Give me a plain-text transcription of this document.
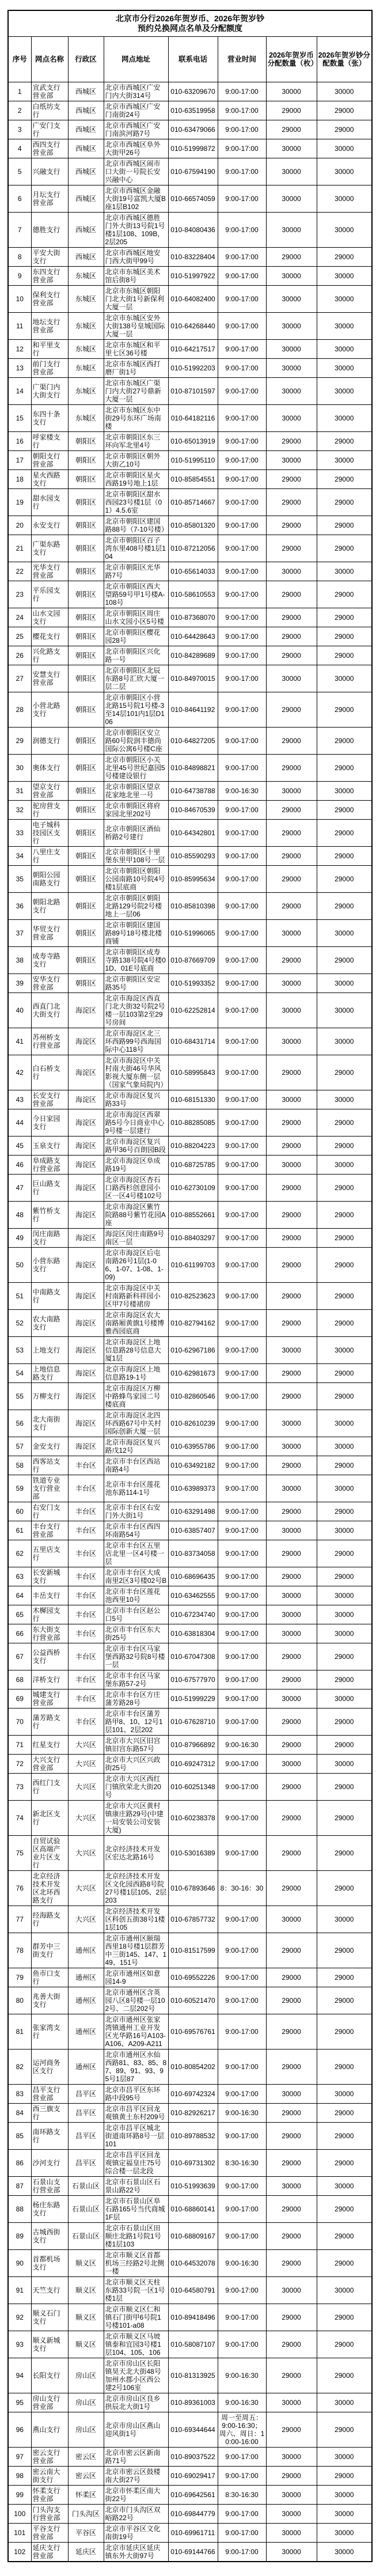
北京市分行2026年贺岁币、2026年贺岁钞
预约兑换网点名单及分配额度							

序号	网点名称	行政区	网点地址	联系电话	营业时间	2026年贺岁币分配数量（枚）	2026年贺岁钞分配数量（张）
1	宣武支行营业部	西城区	北京市西城区广安门内大街314号	010-63209670	9:00-17:00	30000	30000
2	白纸坊支行	西城区	北京市西城区广安门南街24号	010-63519958	9:00-17:00	29000	29000
3	广安门支行	西城区	北京市西城区广安门南滨河路7号	010-63479066	9:00-17:00	29000	29000
4	西四支行营业部	西城区	北京市西城区阜外大街甲26号	010-51999872	9:00-17:00	30000	30000
5	兴融支行	西城区	北京市西城区闹市口大街一号院长安兴融中心	010-67594190	9:00-17:00	30000	30000
6	月坛支行营业部	西城区	北京市西城区金融大街19号富凯大厦B座1层B102	010-66574059	9:00-17:00	30000	30000
7	德胜支行	西城区	北京市西城区德胜门外大街13号院1号楼1层108、109B，2层205	010-84080436	9:00-17:00	30000	30000
8	平安大街支行	西城区	北京市西城区地安门西大街甲99号	010-83228404	9:00-17:00	29000	29000
9	东四支行营业部	东城区	北京市东城区美术馆后街8号	010-51997922	9:00-17:00	30000	30000
10	保利支行营业部	东城区	北京市东城区朝阳门北大街1号新保利大厦一层	010-64082400	9:00-17:00	30000	30000
11	地坛支行营业部	东城区	北京市东城区安外大街138号皇城国际大厦一层	010-64268440	9:00-17:00	30000	30000
12	和平里支行	东城区	北京市东城区和平里七区36号楼	010-64217517	9:00-17:00	30000	30000
13	前门支行营业部	东城区	北京市东城区西打磨厂街1号	010-51992203	9:00-17:00	30000	30000
14	广渠门内大街支行	东城区	北京市东城区广渠门内大街27号鼎新大厦一层	010-87101597	9:00-17:00	30000	30000
15	东四十条支行	东城区	北京市东城区东中街29号东环广场南楼	010-64182116	9:00-17:00	30000	30000
16	呼家楼支行	朝阳区	北京市朝阳区东三环向军北里4号	010-65013919	9:00-17:00	29000	29000
17	朝阳支行营业部	朝阳区	北京市朝阳区朝外大街乙10号	010-51995110	9:00-17:00	30000	30000
18	星火西路支行	朝阳区	北京市朝阳区星火西路19号地上1层	010-85854551	9:00-17:00	29000	29000
19	甜水园支行	朝阳区	北京市朝阳区甜水西园23号楼1层（01）4.5.6室	010-85714667	9:00-17:00	29000	29000
20	永安支行	朝阳区	北京市朝阳区建国路88号（7-10号楼）	010-85801320	9:00-17:00	29000	29000
21	广渠东路支行	朝阳区	北京市朝阳区百子湾东里408号楼1层104	010-87212056	9:00-17:00	29000	29000
22	光华支行营业部	朝阳区	北京市朝阳区光华路7号	010-65614033	9:00-17:00	30000	30000
23	平乐园支行	朝阳区	北京市朝阳区西大望路59号甲1号楼A-108号	010-58610553	9:00-17:00	29000	29000
24	山水文园支行	朝阳区	北京市朝阳区周庄山水文园小区5号楼	010-87368070	9:00-17:00	29000	29000
25	樱花支行	朝阳区	北京市朝阳区樱花园28号	010-64428643	9:00-17:00	29000	29000
26	兴化路支行	朝阳区	北京市朝阳区兴化路一号	010-84289689	9:00-17:00	29000	29000
27	安慧支行营业部	朝阳区	北京市朝阳区北辰东路8号汇欣大厦一层二层	010-84970015	9:00-17:00	30000	30000
28	小营北路支行	朝阳区	北京市朝阳区小营北路15号院1号楼-3至14层101内1层D106	010-84641192	9:00-17:00	29000	29000
29	润德支行	朝阳区	北京市朝阳区安立路60号院润丰德尚国际公寓6号楼C座	010-64827205	9:00-17:00	29000	29000
30	奥体支行	朝阳区	北京市朝阳区小关北里45号世纪嘉园5号楼建设银行	010-84898821	9:00-17:00	29000	29000
31	望京支行营业部	朝阳区	北京市朝阳区望京花家地北里一号	010-64738788	9:00-16:30	30000	30000
32	驼房营支行	朝阳区	北京市朝阳区将府家园北里202号	010-84670539	9:00-17:00	29000	29000
33	电子城科技园区支行	朝阳区	北京市朝阳区酒仙桥路2号建行	010-64342801	9:00-17:00	29000	29000
34	八里庄支行	朝阳区	北京市朝阳区十里堡东里甲108号一层	010-85590293	9:00-17:00	29000	29000
35	朝阳公园南路支行	朝阳区	北京市朝阳区朝阳公园南路10号院4号楼1层底商	010-85995634	9:00-17:00	29000	29000
36	朝阳北路支行	朝阳区	北京市朝阳区朝阳北路129号院2号楼地上一层06	010-85810398	9:00-17:00	29000	29000
37	华贸支行营业部	朝阳区	北京市朝阳区建国路89号18号楼北楼商铺	010-51996065	9:00-17:00	30000	30000
38	成寿寺路支行	朝阳区	北京市朝阳区成寿寺路138号院4号楼01D、01E号底商	010-87669709	9:00-17:00	29000	29000
39	安华支行营业部	朝阳区	北京市朝阳区安定路35号	010-51993352	9:00-17:00	30000	30000
40	西直门北大街支行	海淀区	北京市海淀区西直门北大街32号院2号楼一层103第2至29号房间	010-62252814	9:00-17:00	30000	30000
41	苏州桥支行营业部	海淀区	北京市海淀区北三环西路99号西海国际中心118号	010-68431714	9:00-17:00	30000	30000
42	白石桥支行	海淀区	北京市海淀区中关村南大街46号华风影视大厦东侧一层（国家气象局院内）	010-58995843	9:00-17:00	29000	29000
43	长安支行营业部	海淀区	北京市海淀区复兴路33号	010-68151330	9:00-17:00	30000	30000
44	今日家园支行	海淀区	北京市海淀区西翠路5号今日商业中心9号楼一层建行	010-88285085	9:00-17:00	29000	29000
45	玉泉支行	海淀区	北京市海淀区复兴路甲36号百朗园B段	010-88204223	9:00-17:00	29000	29000
46	阜成路支行营业部	海淀区	北京市海淀区阜成路19号	010-68725785	9:00-17:00	30000	30000
47	巨山路支行	海淀区	北京市海淀区杏石口路西杉创意园小区一区4号楼102号	010-62730109	9:00-17:00	29000	29000
48	紫竹桥支行	海淀区	北京市海淀区紫竹院路88号紫竹花园A座	010-88552661	9:00-17:00	29000	29000
49	闵庄南路支行	海淀区	海淀区闵庄南路9号南区一层	010-88403297	9:00-17:00	29000	29000
50	小营东路支行	海淀区	北京市海淀区后屯南路26号1层(1-06、1-07、1-08、1-09)	010-61199703	9:00-17:00	29000	29000
51	中南路支行	海淀区	北京市海淀区中关村南路新科祥园小区甲7号楼裙房	010-82523623	9:00-17:00	29000	29000
52	农大南路支行	海淀区	北京市海淀区农大南路厢黄旗1号楼博雅西园底商	010-82794162	9:00-17:00	29000	29000
53	上地支行	海淀区	北京市海淀区上地信息路28号信息大厦1层	010-62967186	9:00-17:00	30000	30000
54	上地信息路支行	海淀区	北京市海淀区上地信息路19-1号	010-62981673	9:00-17:00	29000	29000
55	万柳支行	海淀区	北京市海淀区万柳中路蜂鸟家园二号楼底商	010-82860546	9:00-17:00	29000	29000
56	北大南街支行	海淀区	北京市海淀区北四环西路67号中关村国际创新大厦一层	010-82610239	9:00-17:00	30000	30000
57	金安支行	海淀区	北京市海淀区复兴路戊12号	010-63955786	9:00-17:00	30000	30000
58	西客站支行	丰台区	北京市丰台区西站南路4号	010-63492182	9:00-17:00	29000	29000
59	铁道专业支行营业部	丰台区	北京市丰台区莲花池东路114-1号	010-63989373	9:00-17:00	30000	30000
60	右安门支行	丰台区	北京市丰台区右安门外大街1号	010-63291498	9:00-17:00	29000	29000
61	丰台支行营业部	丰台区	北京市丰台区西四环南路54号	010-63857407	9:00-17:00	30000	30000
62	五里店支行	丰台区	北京市丰台区五里店北里一区4号楼一层	010-83734058	9:00-17:00	29000	29000
63	长安新城支行	丰台区	北京市丰台区大成南里2区3号楼02号B	010-68696435	9:00-17:00	29000	29000
64	丰岳支行	丰台区	北京市丰台区莲花池西里10号	010-63462555	9:00-17:00	30000	30000
65	木樨园支行	丰台区	北京市丰台区赵公口5号	010-67234740	9:00-17:00	30000	30000
66	东大街支行营业部	丰台区	北京市丰台区东大街25号	010-63818304	9:00-17:00	30000	30000
67	公益西桥支行	丰台区	北京市丰台区马家堡西路32号院8号楼一层	010-67047308	9:00-17:00	29000	29000
68	洋桥支行	丰台区	北京市丰台区马家堡东路57-2号	010-67577970	9:00-17:00	29000	29000
69	城建支行营业部	丰台区	北京市丰台区方庄蒲芳路28号	010-51999229	9:00-17:00	30000	30000
70	蒲芳路支行	丰台区	北京市丰台区蒲芳路甲8、10、12号1层101、2层202	010-67628710	9:00-17:00	29000	29000
71	红星支行	大兴区	北京市大兴区旧宫镇旧宫东路57号	010-87966892	9:00-16:30	29000	29000
72	大兴支行营业部	大兴区	北京市大兴区兴政街25号	010-69247312	9:00-17:00	30000	30000
73	西红门支行	大兴区	北京市大兴区西红门镇欣荣北大街20号	010-60251348	9:00-17:00	29000	29000
74	新北区支行	大兴区	北京市大兴区黄村镇康庄路29号(中建一局安装公司安装大厦)	010-60238378	9:00-17:00	29000	29000
75	自贸试验区高端产业片区支行	大兴区	北京经济技术开发区宏达北路16号	010-53016389	9:00-17:00	29000	29000
76	北京经济技术开发区北环西路支行	大兴区	北京经济技术开发区文化园西路8号院27号楼1层105、2层203	010-67893646	8：30-16：30	29000	29000
77	经海路支行	大兴区	北京经济技术开发区科创五街38号1楼1层105	010-67857732	9:00-17:00	30000	30000
78	群芳中三街支行	通州区	北京市通州区颐瑞西里18号楼1层群芳中三街145、147、149、151号	010-81517599	9:00-17:00	29000	29000
79	鱼市口支行	通州区	北京市通州区如意园14-9	010-69552226	9:00-17:00	29000	29000
80	兆善大街支行	通州区	北京市通州区含英园八区8号楼一层102号、二层202号	010-60521470	9:00-17:00	29000	29000
81	张家湾支行	通州区	北京市通州区张家湾镇通州工业开发区光华路16号A103-A106、A209-A211	010-69576761	9:00-17:00	29000	29000
82	运河商务区支行	通州区	北京市通州区水仙西路81、83、85、87、89、91、93、95号1层87	010-80854202	9:00-17:00	29000	29000
83	昌平支行营业部	昌平区	北京市昌平区东环路中段95号	010-69742324	9:00-17:00	30000	30000
84	西三旗支行	昌平区	北京市昌平区回龙观镇黄土东村209号	010-82926217	9:00-16:30	29000	29000
85	南环路支行	昌平区	北京市昌平区城北街道南环路8号一层101	010-89788532	9:00-17:00	29000	29000
86	沙河支行	昌平区	北京市昌平区回龙观镇定福皇庄75号综合楼一层北段	010-69731302	8:30-16:30	29000	29000
87	石景山支行营业部	石景山区	北京市石景山区石景山路22号	010-51993639	9:00-17:00	30000	30000
88	杨庄东路支行	石景山区	北京市石景山区阜石路165号当代商城1F层	010-68860141	9:00-17:00	29000	29000
89	古城西街支行	石景山区	北京市石景山区田顺庄北路1号院1号楼1层103	010-68809167	9:00-17:00	29000	29000
90	首都机场支行	顺义区	北京市顺义区首都机场三经路2号北侧一楼	010-64532078	9:00-16:30	29000	29000
91	天竺支行	顺义区	北京市顺义区天柱东路33号院一区1号楼1层	010-64580791	9:00-17:00	30000	30000
92	顺义石门支行	顺义区	北京市顺义区仁和镇石门街甲6号院1号楼101-a08	010-89418496	9:00-17:00	29000	29000
93	顺义新城支行	顺义区	北京市顺义区马坡镇泰和宜园3号楼1层104、105、106	010-58087107	9:00-17:00	29000	29000
94	长阳支行	房山区	北京市房山区长阳镇昊天北大街48号加州水郡小区西公建2号106室	010-81313925	9:00-16:30	29000	29000
95	房山支行营业部	房山区	北京市房山区良乡拱辰北大街1号	010-89361003	9:00-16:30	30000	30000
96	燕山支行	房山区	北京市房山区燕山迎风街1号	010-69344644	周一至周五：9:00-16:30；周六、周日：10:00-16:00	29000	29000
97	密云支行营业部	密云区	北京市密云区新南路71号	010-89037522	9:00-17:00	30000	30000
98	密云南大街支行	密云区	北京市密云区鼓楼南大街27号	010-69029417	9:00-17:00	29000	29000
99	怀柔支行营业部	怀柔区	北京市怀柔区南大街22号	010-69642561	8:30-16:30	30000	30000
100	门头沟支行营业部	门头沟区	北京市门头沟区双峪路22号	010-69844779	9:00-17:00	30000	30000
101	平谷支行营业部	平谷区	北京市平谷区文化南街19号	010-69961711	9:00-17:00	30000	30000
102	延庆支行营业部	延庆区	北京市延庆区延庆镇东外大街97号	010-69144766	9:00-17:00	30000	30000
